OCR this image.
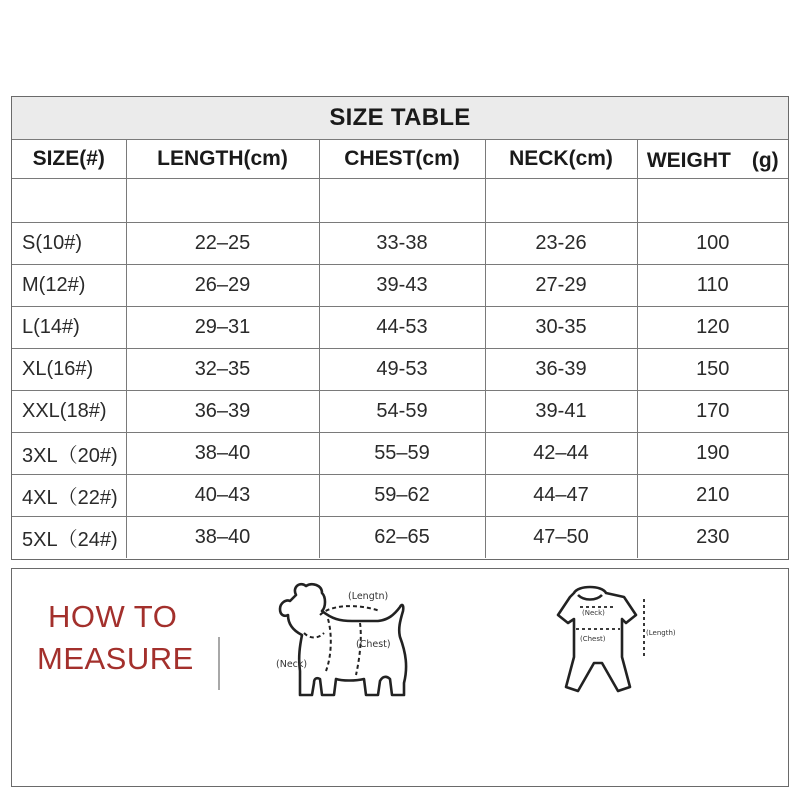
SIZE TABLE
SIZE(#)	LENGTH(cm)	CHEST(cm)	NECK(cm)	WEIGHT　(g)

S(10#)	22–25	33-38	23-26	100
M(12#)	26–29	39-43	27-29	110
L(14#)	29–31	44-53	30-35	120
XL(16#)	32–35	49-53	36-39	150
XXL(18#)	36–39	54-59	39-41	170
3XL（20#)	38–40	55–59	42–44	190
4XL（22#)	40–43	59–62	44–47	210
5XL（24#)	38–40	62–65	47–50	230
HOW TO
MEASURE
(Lengtn)
(Chest)
(Neck)
(Neck)
(Chest)
(Length)
